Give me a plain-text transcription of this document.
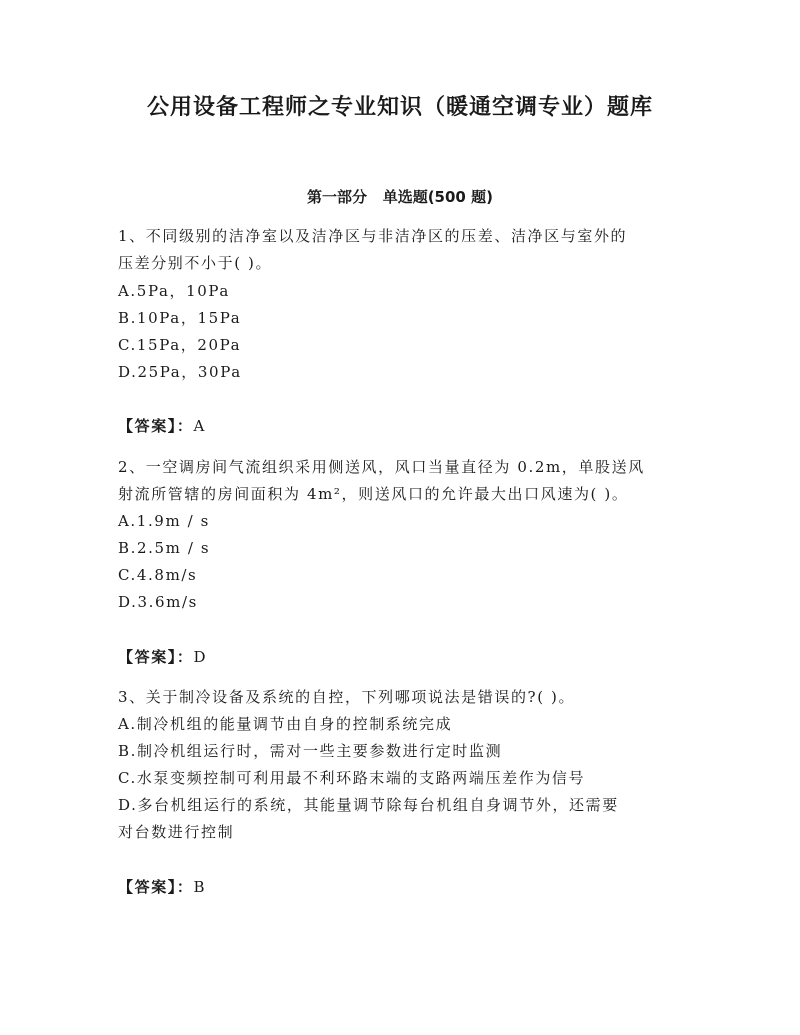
公用设备工程师之专业知识（暖通空调专业）题库
第一部分   单选题(500 题)
1、不同级别的洁净室以及洁净区与非洁净区的压差、洁净区与室外的
压差分别不小于( )。
A.5Pa，10Pa
B.10Pa，15Pa
C.15Pa，20Pa
D.25Pa，30Pa
【答案】：A
2、一空调房间气流组织采用侧送风，风口当量直径为 0.2m，单股送风
射流所管辖的房间面积为 4m²，则送风口的允许最大出口风速为( )。
A.1.9m / s
B.2.5m / s
C.4.8m/s
D.3.6m/s
【答案】：D
3、关于制冷设备及系统的自控，下列哪项说法是错误的?( )。
A.制冷机组的能量调节由自身的控制系统完成
B.制冷机组运行时，需对一些主要参数进行定时监测
C.水泵变频控制可利用最不利环路末端的支路两端压差作为信号
D.多台机组运行的系统，其能量调节除每台机组自身调节外，还需要
对台数进行控制
【答案】：B
